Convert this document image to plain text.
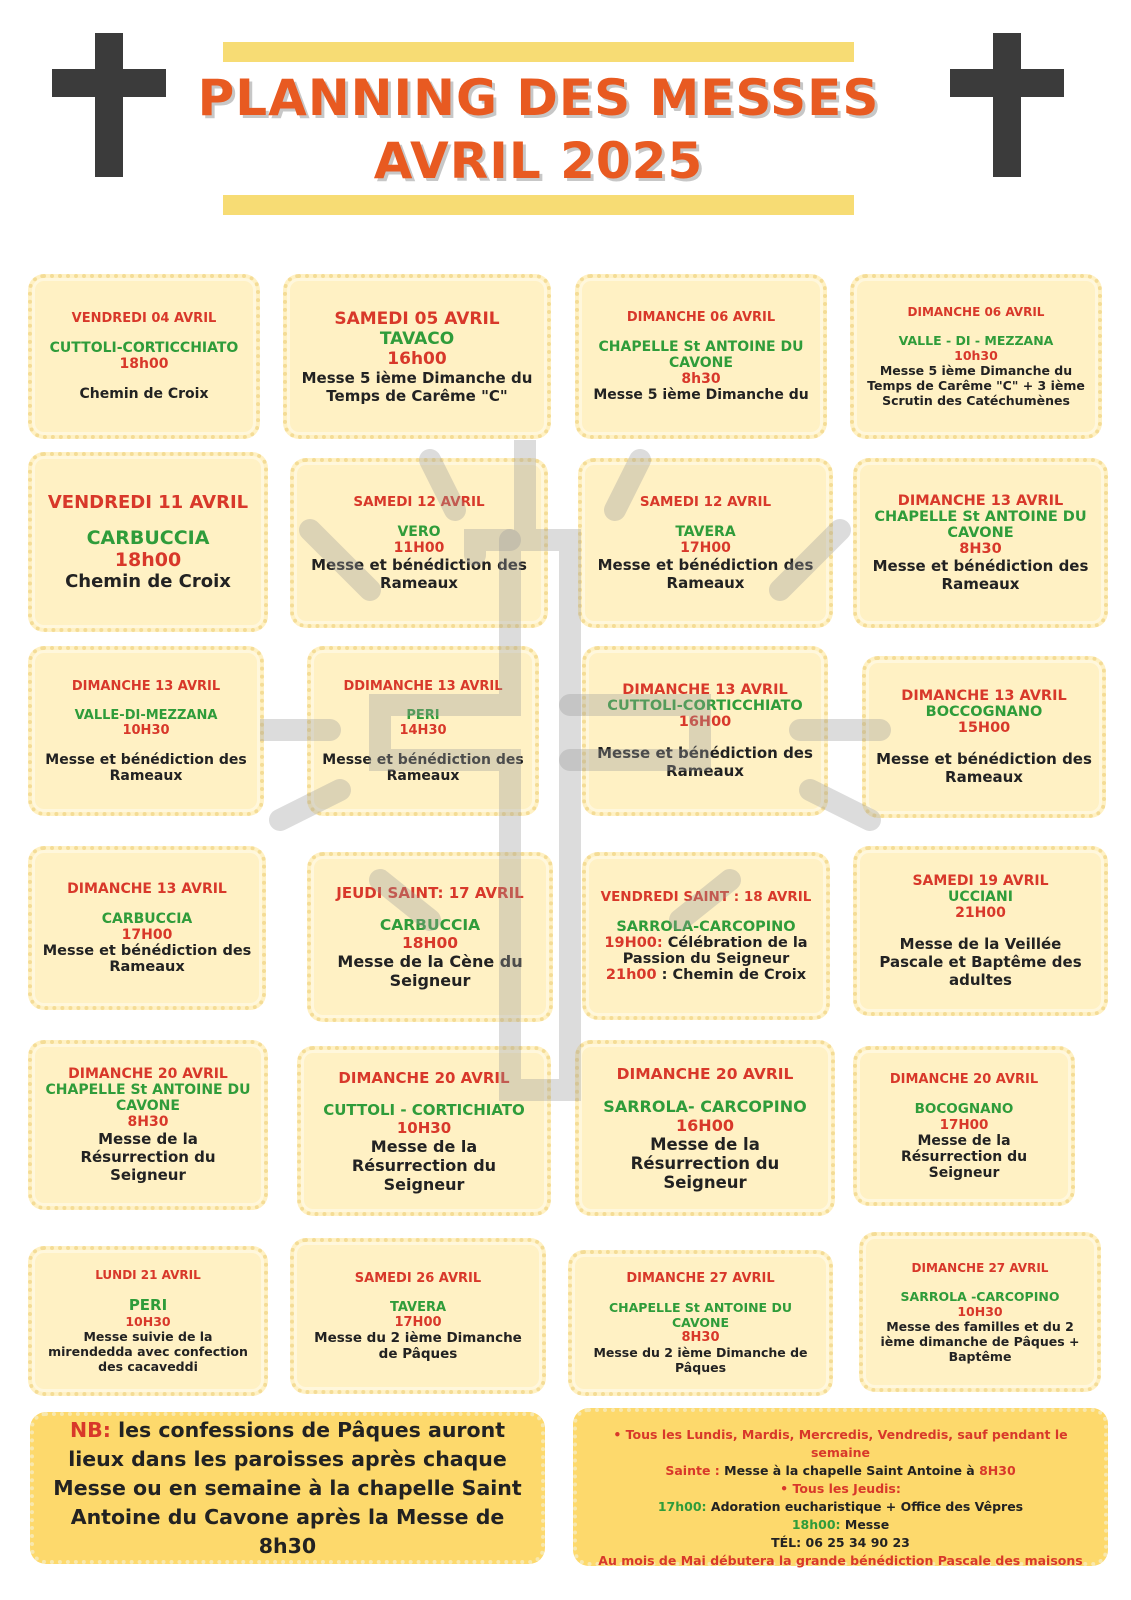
PLANNING DES MESSES
AVRIL 2025
VENDREDI 04 AVRIL
CUTTOLI-CORTICCHIATO
18h00
Chemin de Croix
SAMEDI 05 AVRIL
TAVACO
16h00
Messe 5 ième Dimanche du Temps de Carême "C"
DIMANCHE 06 AVRIL
CHAPELLE St ANTOINE DU CAVONE
8h30
Messe 5 ième Dimanche du
DIMANCHE 06 AVRIL
VALLE - DI - MEZZANA
10h30
Messe 5 ième Dimanche du Temps de Carême "C" + 3 ième Scrutin des Catéchumènes
VENDREDI 11 AVRIL
CARBUCCIA
18h00
Chemin de Croix
SAMEDI 12 AVRIL
VERO
11H00
Messe et bénédiction des Rameaux
SAMEDI 12 AVRIL
TAVERA
17H00
Messe et bénédiction des Rameaux
DIMANCHE 13 AVRIL
CHAPELLE St ANTOINE DU CAVONE
8H30
Messe et bénédiction des Rameaux
DIMANCHE 13 AVRIL
VALLE-DI-MEZZANA
10H30
Messe et bénédiction des Rameaux
DDIMANCHE 13 AVRIL
PERI
14H30
Messe et bénédiction des Rameaux
DIMANCHE 13 AVRIL
CUTTOLI-CORTICCHIATO
16H00
Messe et bénédiction des Rameaux
DIMANCHE 13 AVRIL
BOCCOGNANO
15H00
Messe et bénédiction des Rameaux
DIMANCHE 13 AVRIL
CARBUCCIA
17H00
Messe et bénédiction des Rameaux
JEUDI SAINT: 17 AVRIL
CARBUCCIA
18H00
Messe de la Cène du Seigneur
VENDREDI SAINT : 18 AVRIL
SARROLA-CARCOPINO
19H00: Célébration de la Passion du Seigneur
21h00 : Chemin de Croix
SAMEDI 19 AVRIL
UCCIANI
21H00
Messe de la Veillée Pascale et Baptême des adultes
DIMANCHE 20 AVRIL
CHAPELLE St ANTOINE DU CAVONE
8H30
Messe de la Résurrection du Seigneur
DIMANCHE 20 AVRIL
CUTTOLI - CORTICHIATO
10H30
Messe de la Résurrection du Seigneur
DIMANCHE 20 AVRIL
SARROLA- CARCOPINO
16H00
Messe de la Résurrection du Seigneur
DIMANCHE 20 AVRIL
BOCOGNANO
17H00
Messe de la Résurrection du Seigneur
LUNDI 21 AVRIL
PERI
10H30
Messe suivie de la mirendedda avec confection des cacaveddi
SAMEDI 26 AVRIL
TAVERA
17H00
Messe du 2 ième Dimanche de Pâques
DIMANCHE 27 AVRIL
CHAPELLE St ANTOINE DU CAVONE
8H30
Messe du 2 ième Dimanche de Pâques
DIMANCHE 27 AVRIL
SARROLA -CARCOPINO
10H30
Messe des familles et du 2 ième dimanche de Pâques + Baptême
NB: les confessions de Pâques auront lieux dans les paroisses après chaque Messe ou en semaine à la chapelle Saint Antoine du Cavone après la Messe de 8h30
• Tous les Lundis, Mardis, Mercredis, Vendredis, sauf pendant le semaine
Sainte : Messe à la chapelle Saint Antoine à 8H30
• Tous les Jeudis:
17h00: Adoration eucharistique + Office des Vêpres
18h00: Messe
TÉL: 06 25 34 90 23
Au mois de Mai débutera la grande bénédiction Pascale des maisons
